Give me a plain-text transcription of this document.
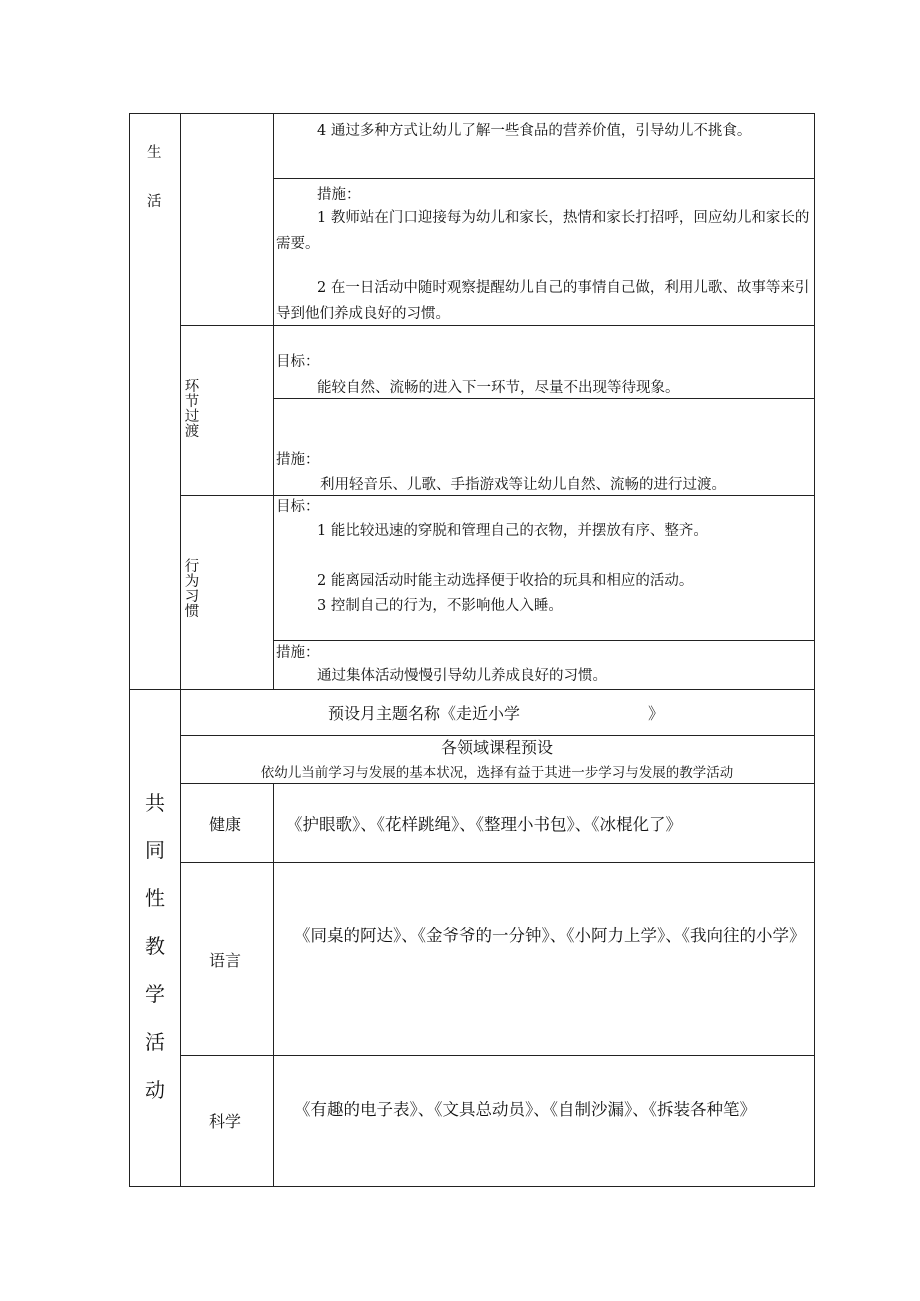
生
活
4 通过多种方式让幼儿了解一些食品的营养价值，引导幼儿不挑食。
措施：
1 教师站在门口迎接每为幼儿和家长，热情和家长打招呼，回应幼儿和家长的需要。
2 在一日活动中随时观察提醒幼儿自己的事情自己做，利用儿歌、故事等来引导到他们养成良好的习惯。
环
节
过
渡
目标：
能较自然、流畅的进入下一环节，尽量不出现等待现象。
措施：
利用轻音乐、儿歌、手指游戏等让幼儿自然、流畅的进行过渡。
行
为
习
惯
目标：
1 能比较迅速的穿脱和管理自己的衣物，并摆放有序、整齐。
2 能离园活动时能主动选择便于收拾的玩具和相应的活动。
3 控制自己的行为，不影响他人入睡。
措施：
通过集体活动慢慢引导幼儿养成良好的习惯。
共
同
性
教
学
活
动
预设月主题名称《走近小学	》
各领域课程预设
依幼儿当前学习与发展的基本状况，选择有益于其进一步学习与发展的教学活动
健康	《护眼歌》、《花样跳绳》、《整理小书包》、《冰棍化了》
语言
《同桌的阿达》、《金爷爷的一分钟》、《小阿力上学》、《我向往的小学》
科学
《有趣的电子表》、《文具总动员》、《自制沙漏》、《拆装各种笔》
